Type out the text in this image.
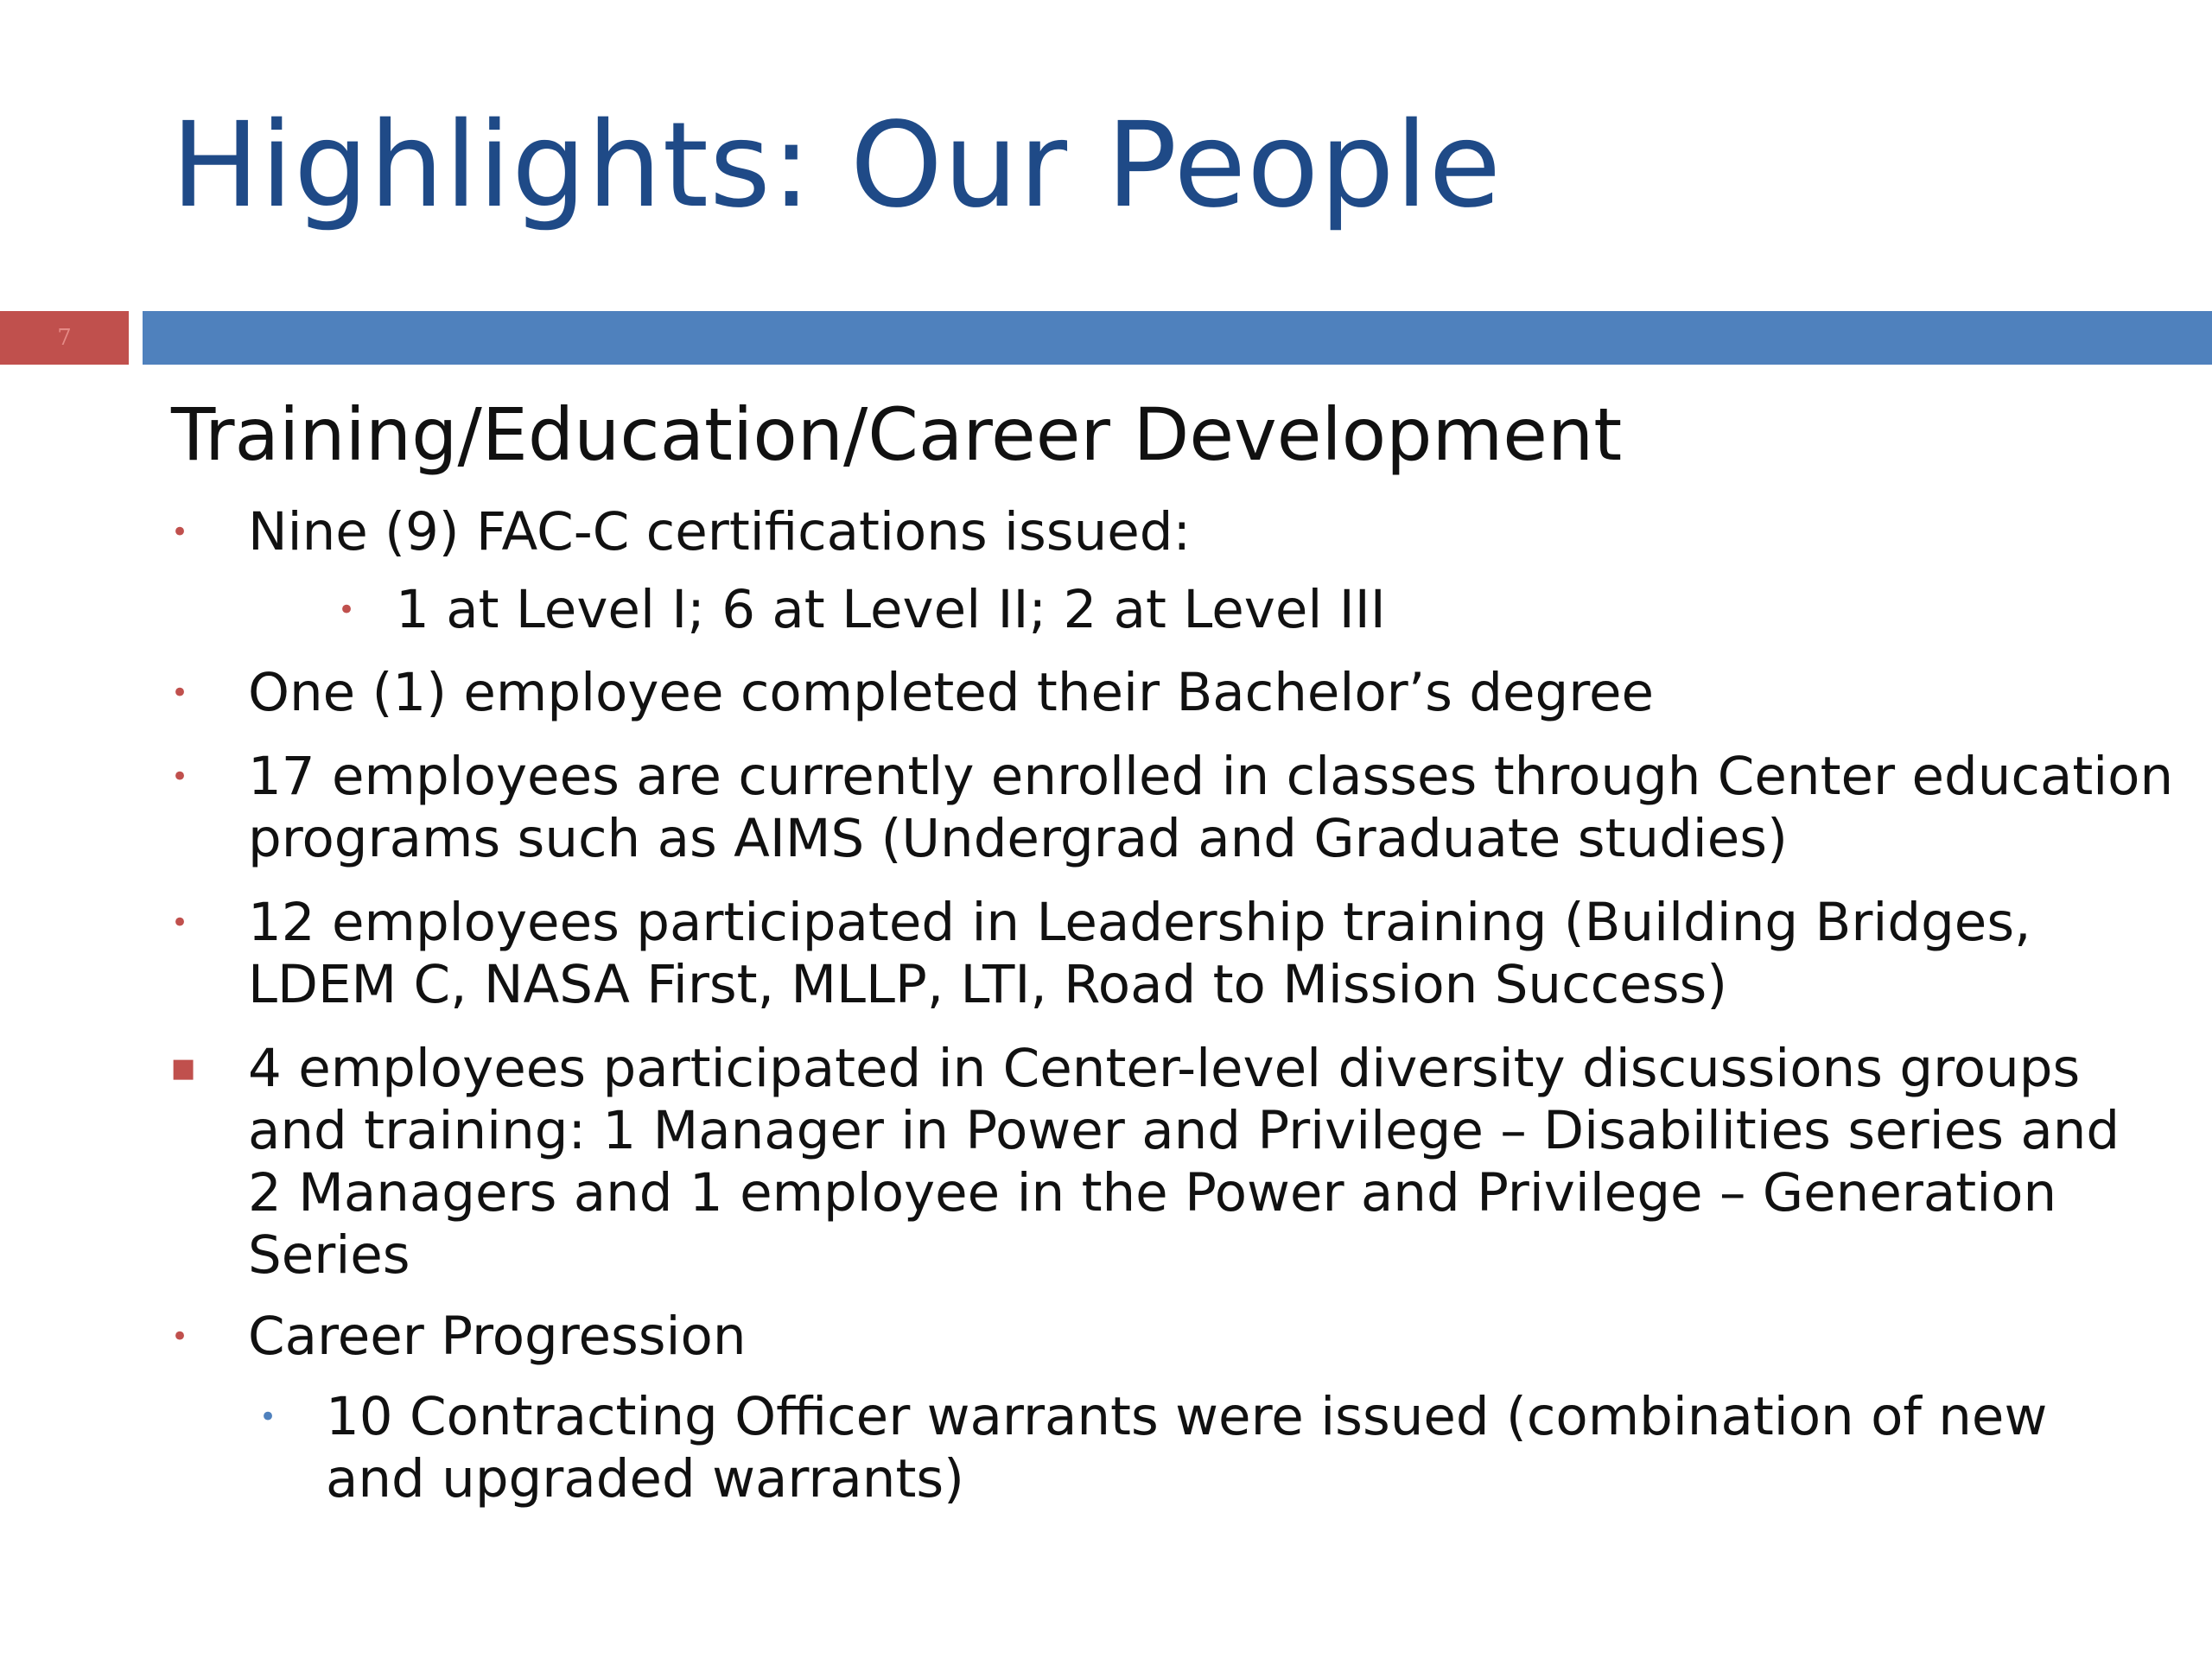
Highlights: Our People
7
Training/Education/Career Development
• Nine (9) FAC-C certifications issued:
• 1 at Level I; 6 at Level II; 2 at Level III
• One (1) employee completed their Bachelor’s degree
• 17 employees are currently enrolled in classes through Center education
programs such as AIMS (Undergrad and Graduate studies)
• 12 employees participated in Leadership training (Building Bridges,
LDEM C, NASA First, MLLP, LTI, Road to Mission Success)
■ 4 employees participated in Center-level diversity discussions groups
and training: 1 Manager in Power and Privilege – Disabilities series and
2 Managers and 1 employee in the Power and Privilege – Generation
Series
• Career Progression
• 10 Contracting Officer warrants were issued (combination of new
and upgraded warrants)
